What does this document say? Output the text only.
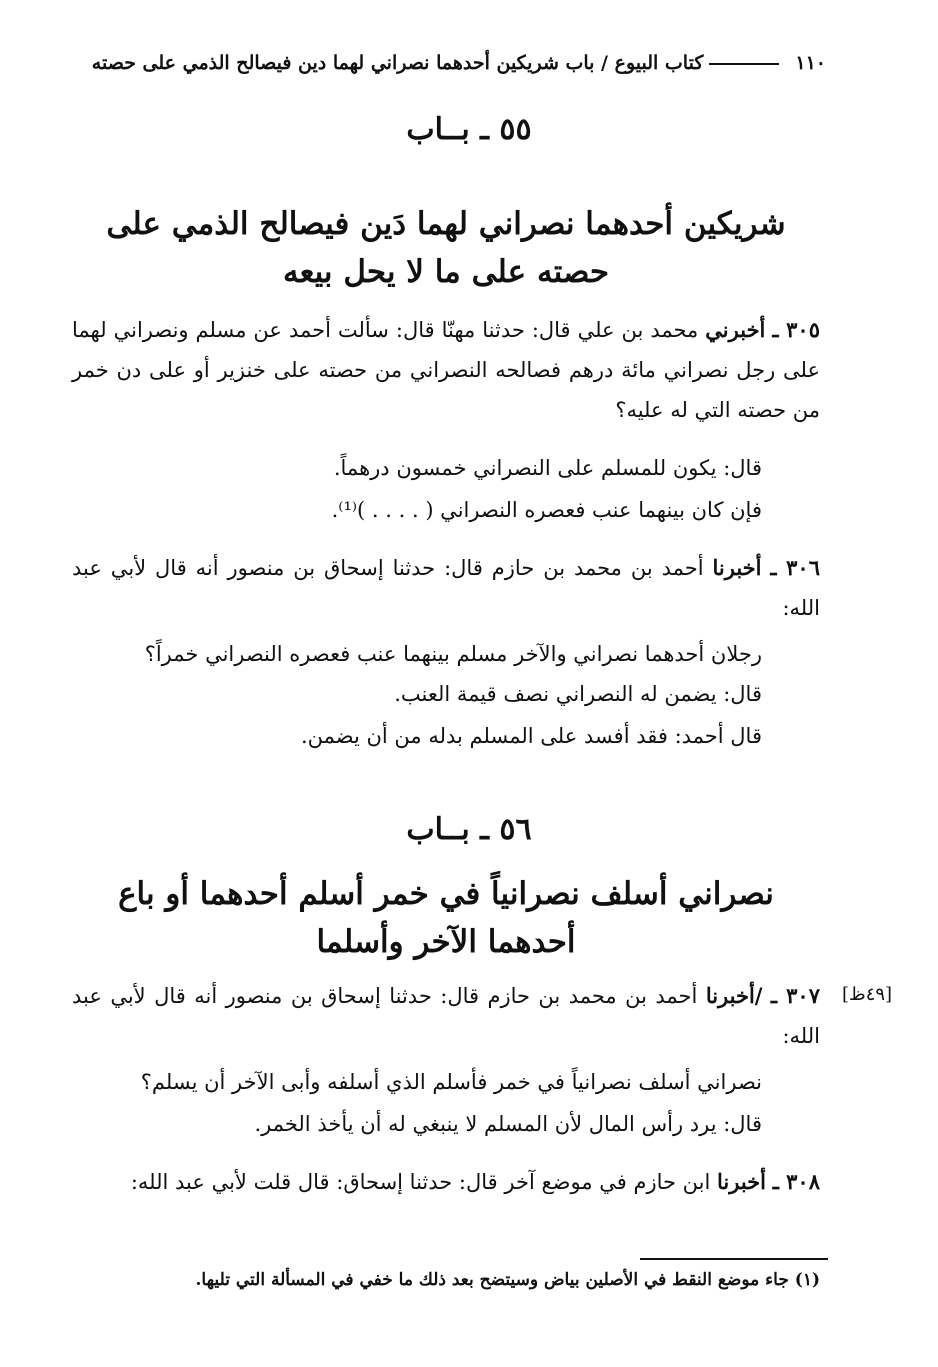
١١٠كتاب البيوع / باب شريكين أحدهما نصراني لهما دين فيصالح الذمي على حصته
٥٥ ـ بــاب
شريكين أحدهما نصراني لهما دَين فيصالح الذمي على حصته على ما لا يحل بيعه
٣٠٥ ـ أخبرني محمد بن علي قال: حدثنا مهنّا قال: سألت أحمد عن مسلم ونصراني لهما على رجل نصراني مائة درهم فصالحه النصراني من حصته على خنزير أو على دن خمر من حصته التي له عليه؟
قال: يكون للمسلم على النصراني خمسون درهماً.
فإن كان بينهما عنب فعصره النصراني ( . . . . )⁽¹⁾.
٣٠٦ ـ أخبرنا أحمد بن محمد بن حازم قال: حدثنا إسحاق بن منصور أنه قال لأبي عبد الله:
رجلان أحدهما نصراني والآخر مسلم بينهما عنب فعصره النصراني خمراً؟
قال: يضمن له النصراني نصف قيمة العنب.
قال أحمد: فقد أفسد على المسلم بدله من أن يضمن.
٥٦ ـ بــاب
نصراني أسلف نصرانياً في خمر أسلم أحدهما أو باع أحدهما الآخر وأسلما
[٤٩ظ]
٣٠٧ ـ /أخبرنا أحمد بن محمد بن حازم قال: حدثنا إسحاق بن منصور أنه قال لأبي عبد الله:
نصراني أسلف نصرانياً في خمر فأسلم الذي أسلفه وأبى الآخر أن يسلم؟
قال: يرد رأس المال لأن المسلم لا ينبغي له أن يأخذ الخمر.
٣٠٨ ـ أخبرنا ابن حازم في موضع آخر قال: حدثنا إسحاق: قال قلت لأبي عبد الله:
(١) جاء موضع النقط في الأصلين بياض وسيتضح بعد ذلك ما خفي في المسألة التي تليها.
